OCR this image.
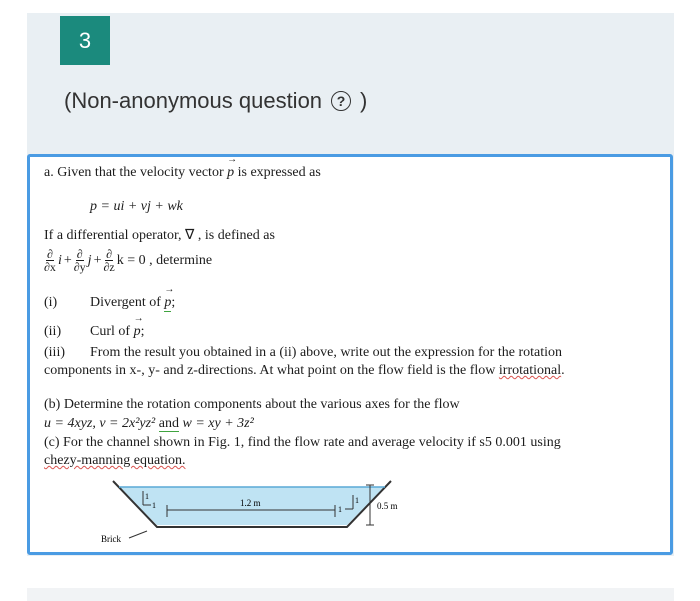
3
(Non-anonymous question	? )
a. Given that the velocity vector → p is expressed as
p = ui + vj + wk
If a differential operator, ∇ , is defined as
$\frac{\partial}{\partial x}$ $i + \frac{\partial}{\partial y}$ $j + \frac{\partial}{\partial z}$ k = 0 , determine
(i) Divergent of → p;
(ii) Curl of → p;
(iii) From the result you obtained in a (ii) above, write out the expression for the rotation
components in x-, y- and z-directions. At what point on the flow field is the flow irrotational.
(b) Determine the rotation components about the various axes for the flow
u = 4xyz, v = 2x²yz² and w = xy + 3z²
(c) For the channel shown in Fig. 1, find the flow rate and average velocity if s5 0.001 using
chezy-manning equation.
1
1
1
1
1.2 m	0.5 m
Brick
